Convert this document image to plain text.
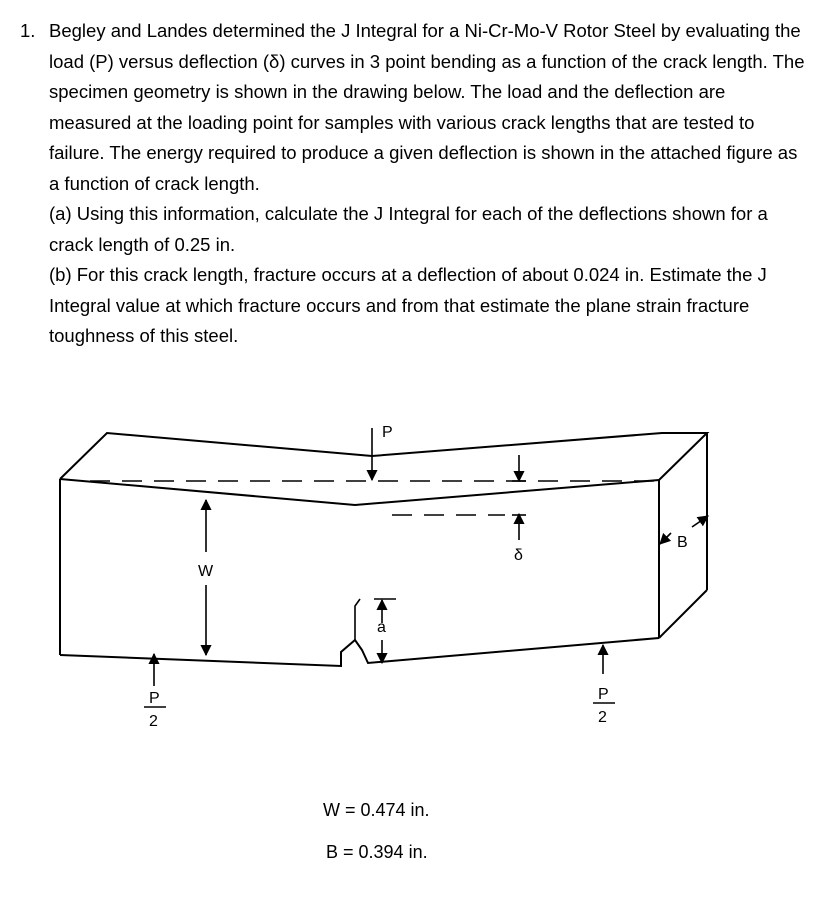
1. Begley and Landes determined the J Integral for a Ni-Cr-Mo-V Rotor Steel by evaluating the load (P) versus deflection (δ) curves in 3 point bending as a function of the crack length. The specimen geometry is shown in the drawing below. The load and the deflection are measured at the loading point for samples with various crack lengths that are tested to failure. The energy required to produce a given deflection is shown in the attached figure as a function of crack length.
(a) Using this information, calculate the J Integral for each of the deflections shown for a crack length of 0.25 in.
(b) For this crack length, fracture occurs at a deflection of about 0.024 in. Estimate the J Integral value at which fracture occurs and from that estimate the plane strain fracture toughness of this steel.
P
W
δ
a
B
P
2
P
2
W = 0.474 in.
B = 0.394 in.
